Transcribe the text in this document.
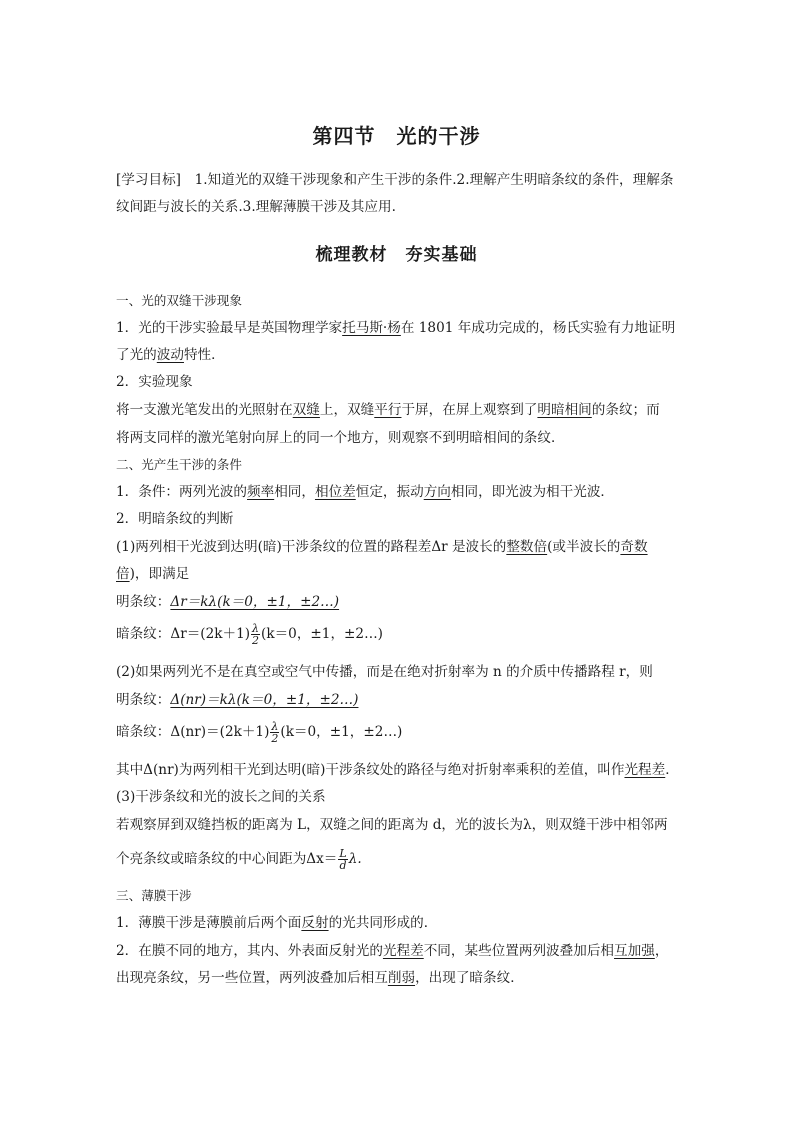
第四节　光的干涉
[学习目标]　1.知道光的双缝干涉现象和产生干涉的条件.2.理解产生明暗条纹的条件，理解条
纹间距与波长的关系.3.理解薄膜干涉及其应用.
梳理教材　夯实基础
一、光的双缝干涉现象
1．光的干涉实验最早是英国物理学家托马斯·杨在 1801 年成功完成的，杨氏实验有力地证明
了光的波动特性．
2．实验现象
将一支激光笔发出的光照射在双缝上，双缝平行于屏，在屏上观察到了明暗相间的条纹；而
将两支同样的激光笔射向屏上的同一个地方，则观察不到明暗相间的条纹．
二、光产生干涉的条件
1．条件：两列光波的频率相同，相位差恒定，振动方向相同，即光波为相干光波．
2．明暗条纹的判断
(1)两列相干光波到达明(暗)干涉条纹的位置的路程差Δr 是波长的整数倍(或半波长的奇数
倍)，即满足
明条纹：Δr＝kλ(k＝0，±1，±2…)
暗条纹：$\Delta r=(2k+1) \frac{\lambda}{2} (k=0$，±1，±2…)
(2)如果两列光不是在真空或空气中传播，而是在绝对折射率为 n 的介质中传播路程 r，则
明条纹：Δ(nr)＝kλ(k＝0，±1，±2…)
暗条纹：$\Delta(nr)=(2k+1) \frac{\lambda}{2} (k=0$，±1，±2…)
其中Δ(nr)为两列相干光到达明(暗)干涉条纹处的路径与绝对折射率乘积的差值，叫作光程差．
(3)干涉条纹和光的波长之间的关系
若观察屏到双缝挡板的距离为 L，双缝之间的距离为 d，光的波长为λ，则双缝干涉中相邻两
个亮条纹或暗条纹的中心间距为$\Delta x= \frac{L}{d} \lambda$.
三、薄膜干涉
1．薄膜干涉是薄膜前后两个面反射的光共同形成的．
2．在膜不同的地方，其内、外表面反射光的光程差不同，某些位置两列波叠加后相互加强，
出现亮条纹，另一些位置，两列波叠加后相互削弱，出现了暗条纹．
